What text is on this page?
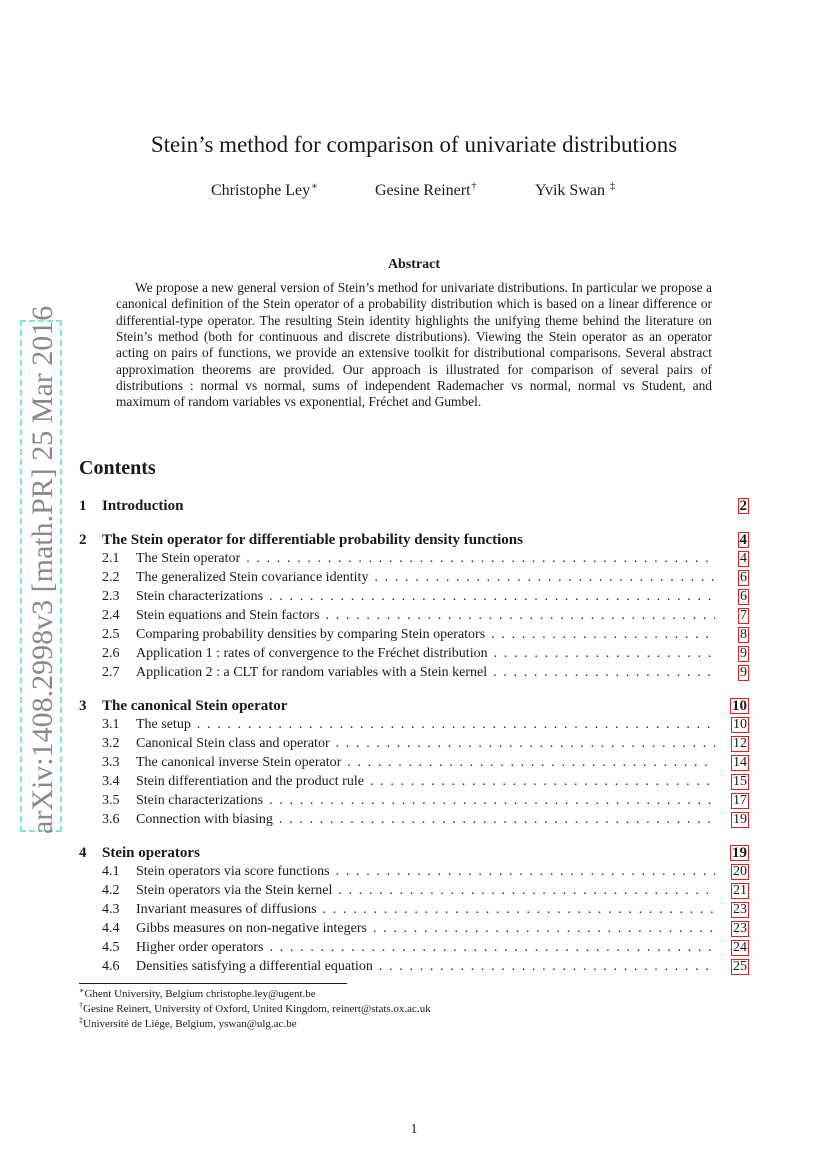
arXiv:1408.2998v3 [math.PR] 25 Mar 2016
Stein’s method for comparison of univariate distributions
Christophe Ley∗	Gesine Reinert†	Yvik Swan ‡
Abstract
We propose a new general version of Stein’s method for univariate distributions. In particular we propose a canonical definition of the Stein operator of a probability distribution which is based on a linear difference or differential-type operator. The resulting Stein identity highlights the unifying theme behind the literature on Stein’s method (both for continuous and discrete distributions). Viewing the Stein operator as an operator acting on pairs of functions, we provide an extensive toolkit for distributional comparisons. Several abstract approximation theorems are provided. Our approach is illustrated for comparison of several pairs of distributions : normal vs normal, sums of independent Rademacher vs normal, normal vs Student, and maximum of random variables vs exponential, Fréchet and Gumbel.
Contents
1 Introduction	2
2 The Stein operator for differentiable probability density functions	4
2.1 The Stein operator . . .	4
2.2 The generalized Stein covariance identity . . .	6
2.3 Stein characterizations . . .	6
2.4 Stein equations and Stein factors . . .	7
2.5 Comparing probability densities by comparing Stein operators . . .	8
2.6 Application 1 : rates of convergence to the Fréchet distribution . . .	9
2.7 Application 2 : a CLT for random variables with a Stein kernel . . .	9
3 The canonical Stein operator	10
3.1 The setup . . .	10
3.2 Canonical Stein class and operator . . .	12
3.3 The canonical inverse Stein operator . . .	14
3.4 Stein differentiation and the product rule . . .	15
3.5 Stein characterizations . . .	17
3.6 Connection with biasing . . .	19
4 Stein operators	19
4.1 Stein operators via score functions . . .	20
4.2 Stein operators via the Stein kernel . . .	21
4.3 Invariant measures of diffusions . . .	23
4.4 Gibbs measures on non-negative integers . . .	23
4.5 Higher order operators . . .	24
4.6 Densities satisfying a differential equation . . .	25
∗Ghent University, Belgium christophe.ley@ugent.be
†Gesine Reinert, University of Oxford, United Kingdom, reinert@stats.ox.ac.uk
‡Université de Liège, Belgium, yswan@ulg.ac.be
1
